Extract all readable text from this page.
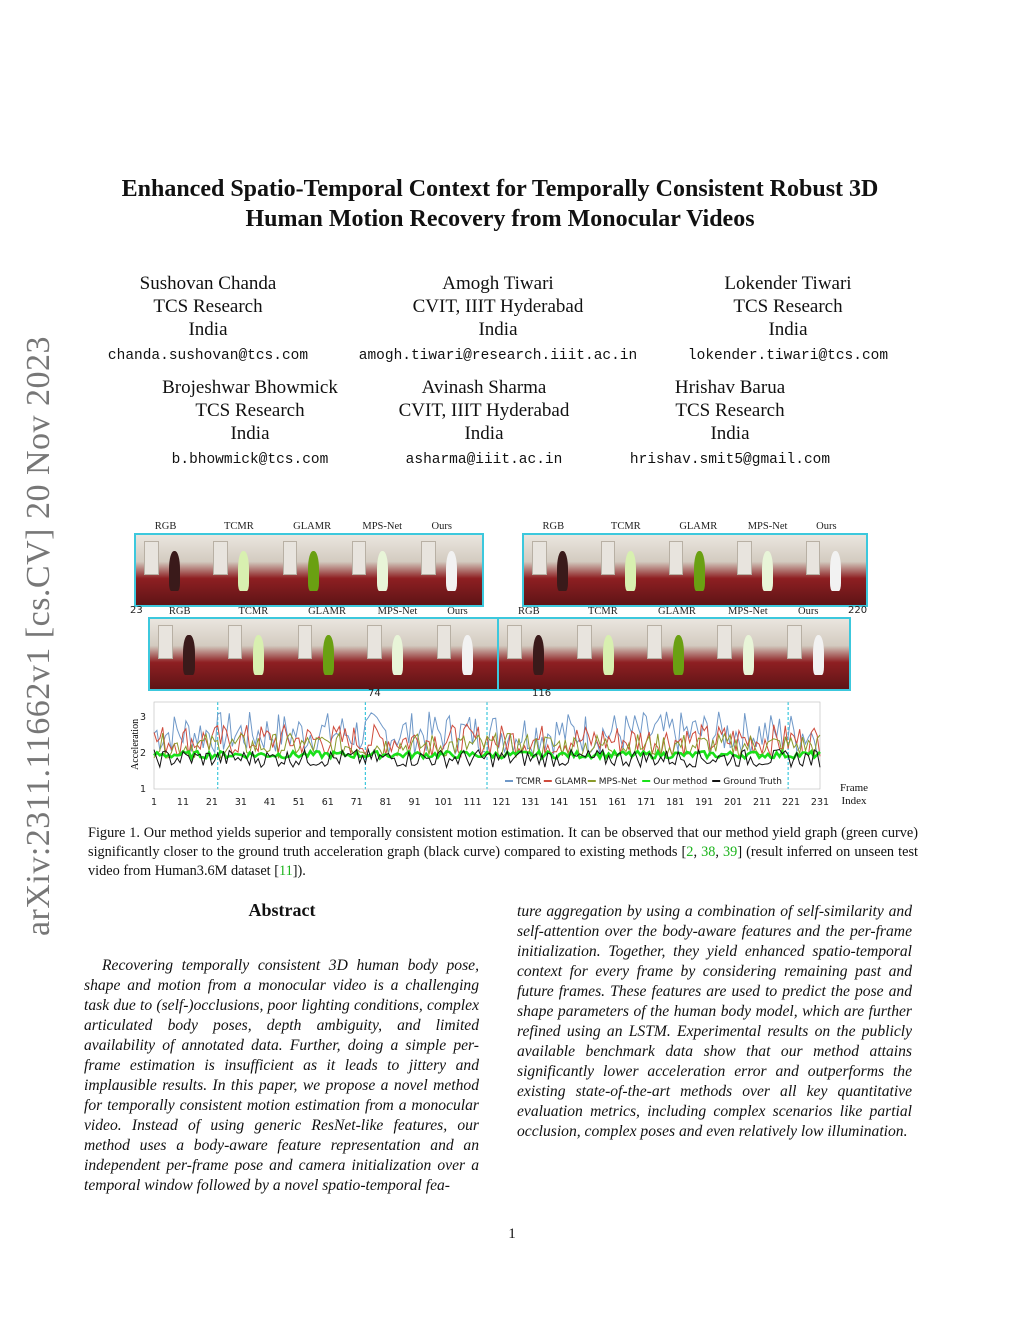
arXiv:2311.11662v1 [cs.CV] 20 Nov 2023
Enhanced Spatio-Temporal Context for Temporally Consistent Robust 3D
Human Motion Recovery from Monocular Videos
Sushovan Chanda
TCS Research
India
chanda.sushovan@tcs.com
Amogh Tiwari
CVIT, IIIT Hyderabad
India
amogh.tiwari@research.iiit.ac.in
Lokender Tiwari
TCS Research
India
lokender.tiwari@tcs.com
Brojeshwar Bhowmick
TCS Research
India
b.bhowmick@tcs.com
Avinash Sharma
CVIT, IIIT Hyderabad
India
asharma@iiit.ac.in
Hrishav Barua
TCS Research
India
hrishav.smit5@gmail.com
RGB	TCMR	GLAMR	MPS-Net	Ours	RGB	TCMR	GLAMR	MPS-Net	Ours
RGB	TCMR	GLAMR	MPS-Net	Ours	RGB	TCMR	GLAMR	MPS-Net	Ours
23
74	116
220
1 11 21 31 41 51 61 71 81 91 101 111 121 131 141 151 161 171 181 191 201 211 221 231
1
2
3
TCMR GLAMR MPS-Net Our method Ground Truth
Acceleration
Frame Index
Figure 1. Our method yields superior and temporally consistent motion estimation. It can be observed that our method yield graph (green curve) significantly closer to the ground truth acceleration graph (black curve) compared to existing methods [2, 38, 39] (result inferred on unseen test video from Human3.6M dataset [11]).
Abstract
Recovering temporally consistent 3D human body pose, shape and motion from a monocular video is a challenging task due to (self-)occlusions, poor lighting conditions, complex articulated body poses, depth ambiguity, and limited availability of annotated data. Further, doing a simple per-frame estimation is insufficient as it leads to jittery and implausible results. In this paper, we propose a novel method for temporally consistent motion estimation from a monocular video. Instead of using generic ResNet-like features, our method uses a body-aware feature representation and an independent per-frame pose and camera initialization over a temporal window followed by a novel spatio-temporal fea-
ture aggregation by using a combination of self-similarity and self-attention over the body-aware features and the per-frame initialization. Together, they yield enhanced spatio-temporal context for every frame by considering remaining past and future frames. These features are used to predict the pose and shape parameters of the human body model, which are further refined using an LSTM. Experimental results on the publicly available benchmark data show that our method attains significantly lower acceleration error and outperforms the existing state-of-the-art methods over all key quantitative evaluation metrics, including complex scenarios like partial occlusion, complex poses and even relatively low illumination.
1
